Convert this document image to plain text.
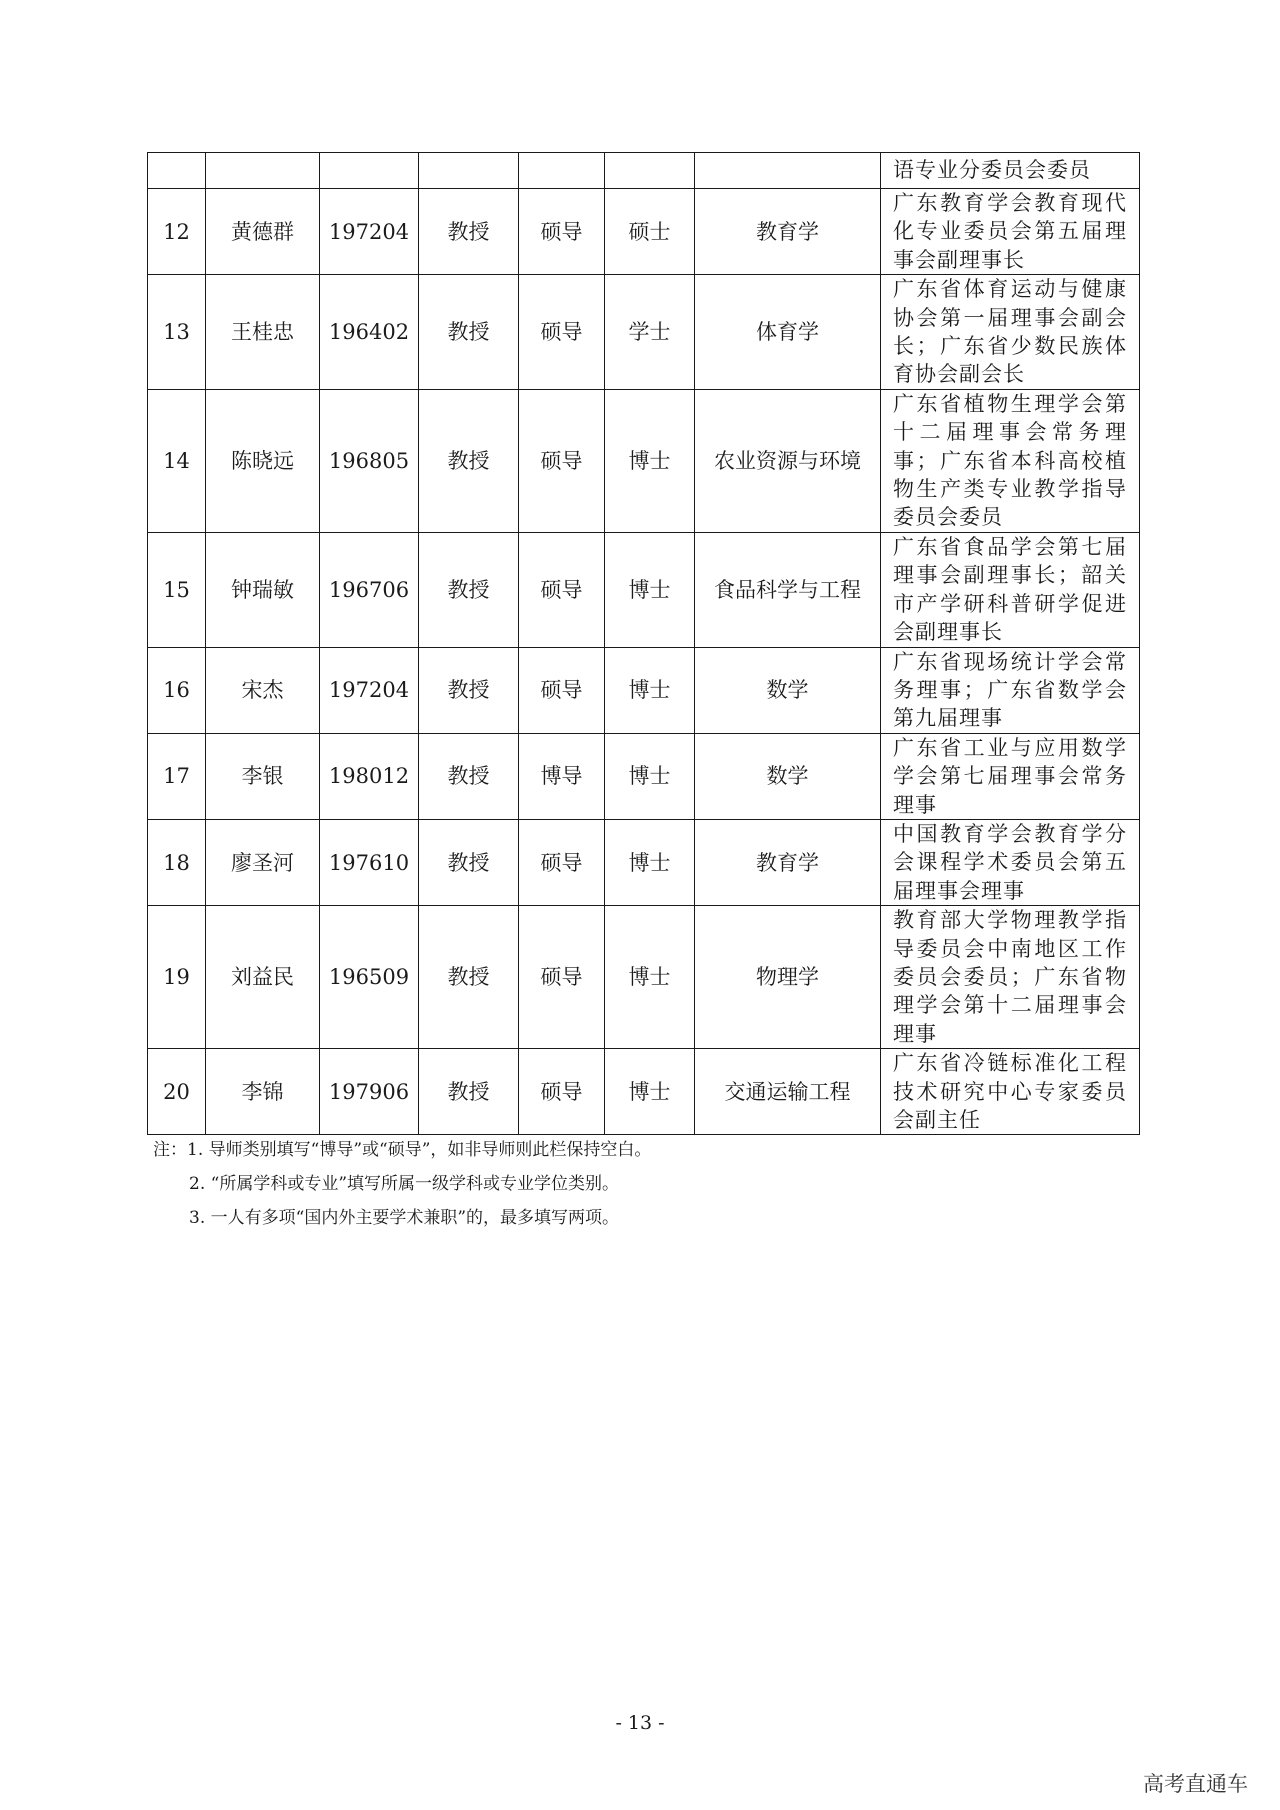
							语专业分委员会委员

12	黄德群	197204	教授	硕导	硕士	教育学	广东教育学会教育现代
化专业委员会第五届理
事会副理事长

13	王桂忠	196402	教授	硕导	学士	体育学	广东省体育运动与健康
协会第一届理事会副会
长；广东省少数民族体
育协会副会长

14	陈晓远	196805	教授	硕导	博士	农业资源与环境	广东省植物生理学会第
十二届理事会常务理
事；广东省本科高校植
物生产类专业教学指导
委员会委员

15	钟瑞敏	196706	教授	硕导	博士	食品科学与工程	广东省食品学会第七届
理事会副理事长；韶关
市产学研科普研学促进
会副理事长

16	宋杰	197204	教授	硕导	博士	数学	广东省现场统计学会常
务理事；广东省数学会
第九届理事

17	李银	198012	教授	博导	博士	数学	广东省工业与应用数学
学会第七届理事会常务
理事

18	廖圣河	197610	教授	硕导	博士	教育学	中国教育学会教育学分
会课程学术委员会第五
届理事会理事

19	刘益民	196509	教授	硕导	博士	物理学	教育部大学物理教学指
导委员会中南地区工作
委员会委员；广东省物
理学会第十二届理事会
理事

20	李锦	197906	教授	硕导	博士	交通运输工程	广东省冷链标准化工程
技术研究中心专家委员
会副主任
注：1. 导师类别填写“博导”或“硕导”，如非导师则此栏保持空白。
2. “所属学科或专业”填写所属一级学科或专业学位类别。
3. 一人有多项“国内外主要学术兼职”的，最多填写两项。
- 13 -
高考直通车
